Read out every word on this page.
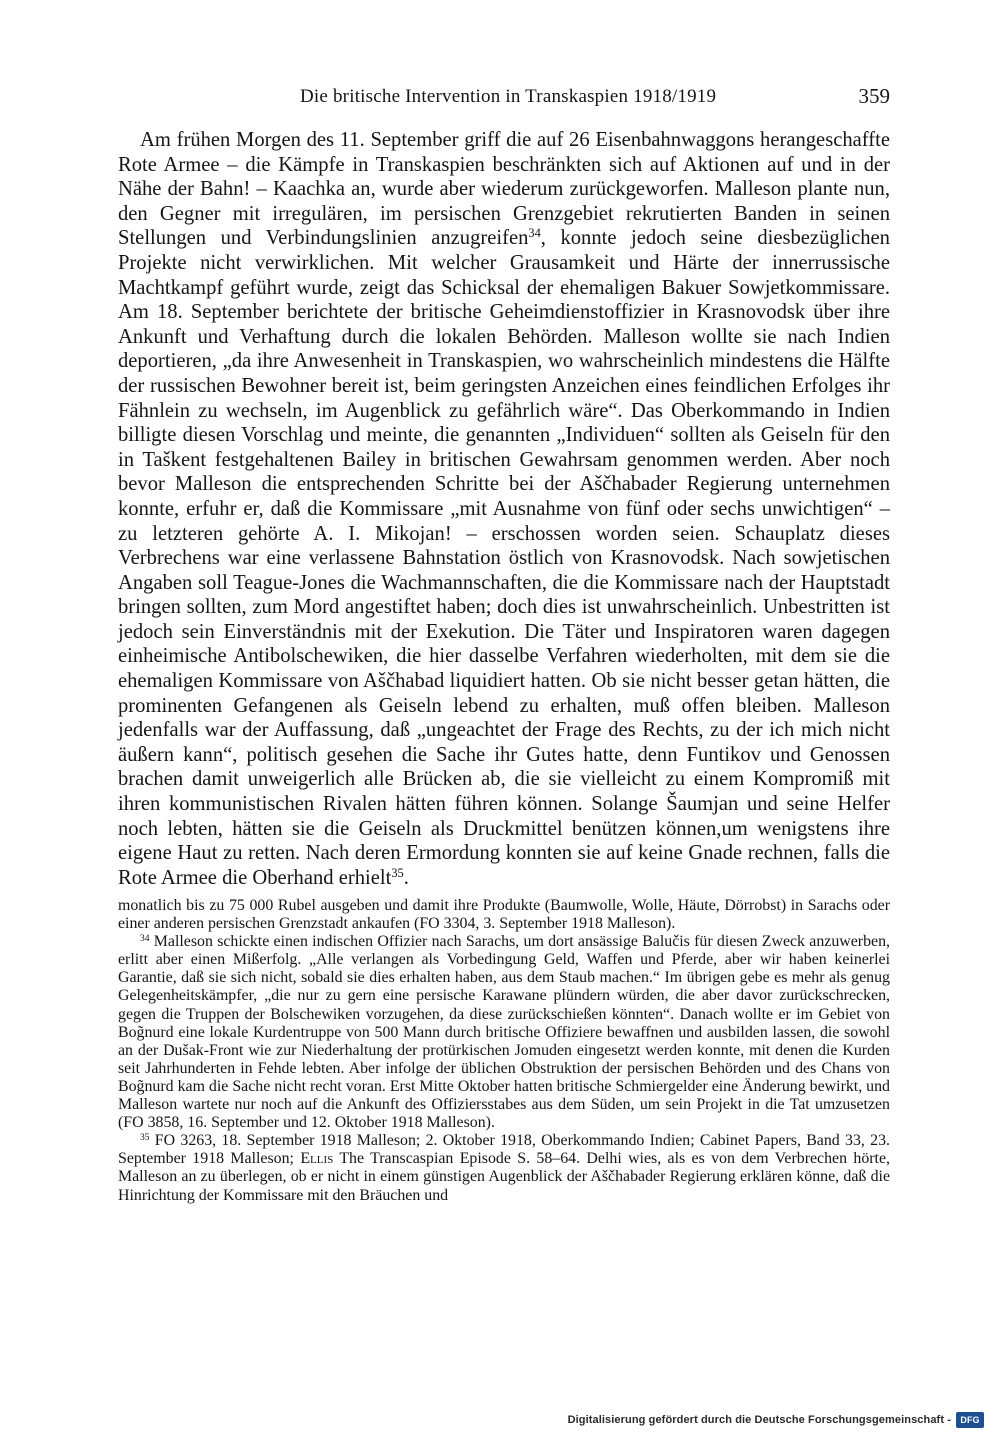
Die britische Intervention in Transkaspien 1918/1919	359

Am frühen Morgen des 11. September griff die auf 26 Eisenbahnwaggons herangeschaffte Rote Armee – die Kämpfe in Transkaspien beschränkten sich auf Aktionen auf und in der Nähe der Bahn! – Kaachka an, wurde aber wiederum zurückgeworfen. Malleson plante nun, den Gegner mit irregulären, im persischen Grenzgebiet rekrutierten Banden in seinen Stellungen und Verbindungslinien anzugreifen$^{34}$, konnte jedoch seine diesbezüglichen Projekte nicht verwirklichen. Mit welcher Grausamkeit und Härte der innerrussische Machtkampf geführt wurde, zeigt das Schicksal der ehemaligen Bakuer Sowjetkommissare. Am 18. September berichtete der britische Geheimdienstoffizier in Krasnovodsk über ihre Ankunft und Verhaftung durch die lokalen Behörden. Malleson wollte sie nach Indien deportieren, „da ihre Anwesenheit in Transkaspien, wo wahrscheinlich mindestens die Hälfte der russischen Bewohner bereit ist, beim geringsten Anzeichen eines feindlichen Erfolges ihr Fähnlein zu wechseln, im Augenblick zu gefährlich wäre“. Das Oberkommando in Indien billigte diesen Vorschlag und meinte, die genannten „Individuen“ sollten als Geiseln für den in Taškent festgehaltenen Bailey in britischen Gewahrsam genommen werden. Aber noch bevor Malleson die entsprechenden Schritte bei der Aščhabader Regierung unternehmen konnte, erfuhr er, daß die Kommissare „mit Ausnahme von fünf oder sechs unwichtigen“ – zu letzteren gehörte A. I. Mikojan! – erschossen worden seien. Schauplatz dieses Verbrechens war eine verlassene Bahnstation östlich von Krasnovodsk. Nach sowjetischen Angaben soll Teague-Jones die Wachmannschaften, die die Kommissare nach der Hauptstadt bringen sollten, zum Mord angestiftet haben; doch dies ist unwahrscheinlich. Unbestritten ist jedoch sein Einverständnis mit der Exekution. Die Täter und Inspiratoren waren dagegen einheimische Antibolschewiken, die hier dasselbe Verfahren wiederholten, mit dem sie die ehemaligen Kommissare von Aščhabad liquidiert hatten. Ob sie nicht besser getan hätten, die prominenten Gefangenen als Geiseln lebend zu erhalten, muß offen bleiben. Malleson jedenfalls war der Auffassung, daß „ungeachtet der Frage des Rechts, zu der ich mich nicht äußern kann“, politisch gesehen die Sache ihr Gutes hatte, denn Funtikov und Genossen brachen damit unweigerlich alle Brücken ab, die sie vielleicht zu einem Kompromiß mit ihren kommunistischen Rivalen hätten führen können. Solange Šaumjan und seine Helfer noch lebten, hätten sie die Geiseln als Druckmittel benützen können,um wenigstens ihre eigene Haut zu retten. Nach deren Ermordung konnten sie auf keine Gnade rechnen, falls die Rote Armee die Oberhand erhielt$^{35}$.

monatlich bis zu 75 000 Rubel ausgeben und damit ihre Produkte (Baumwolle, Wolle, Häute, Dörrobst) in Sarachs oder einer anderen persischen Grenzstadt ankaufen (FO 3304, 3. September 1918 Malleson).

$^{34}$ Malleson schickte einen indischen Offizier nach Sarachs, um dort ansässige Balučis für diesen Zweck anzuwerben, erlitt aber einen Mißerfolg. „Alle verlangen als Vorbedingung Geld, Waffen und Pferde, aber wir haben keinerlei Garantie, daß sie sich nicht, sobald sie dies erhalten haben, aus dem Staub machen.“ Im übrigen gebe es mehr als genug Gelegenheitskämpfer, „die nur zu gern eine persische Karawane plündern würden, die aber davor zurückschrecken, gegen die Truppen der Bolschewiken vorzugehen, da diese zurückschießen könnten“. Danach wollte er im Gebiet von Bog̃nurd eine lokale Kurdentruppe von 500 Mann durch britische Offiziere bewaffnen und ausbilden lassen, die sowohl an der Dušak-Front wie zur Niederhaltung der protürkischen Jomuden eingesetzt werden konnte, mit denen die Kurden seit Jahrhunderten in Fehde lebten. Aber infolge der üblichen Obstruktion der persischen Behörden und des Chans von Bog̃nurd kam die Sache nicht recht voran. Erst Mitte Oktober hatten britische Schmiergelder eine Änderung bewirkt, und Malleson wartete nur noch auf die Ankunft des Offiziersstabes aus dem Süden, um sein Projekt in die Tat umzusetzen (FO 3858, 16. September und 12. Oktober 1918 Malleson).

$^{35}$ FO 3263, 18. September 1918 Malleson; 2. Oktober 1918, Oberkommando Indien; Cabinet Papers, Band 33, 23. September 1918 Malleson; Ellis The Transcaspian Episode S. 58–64. Delhi wies, als es von dem Verbrechen hörte, Malleson an zu überlegen, ob er nicht in einem günstigen Augenblick der Aščhabader Regierung erklären könne, daß die Hinrichtung der Kommissare mit den Bräuchen und

Digitalisierung gefördert durch die Deutsche Forschungsgemeinschaft -	DFG
